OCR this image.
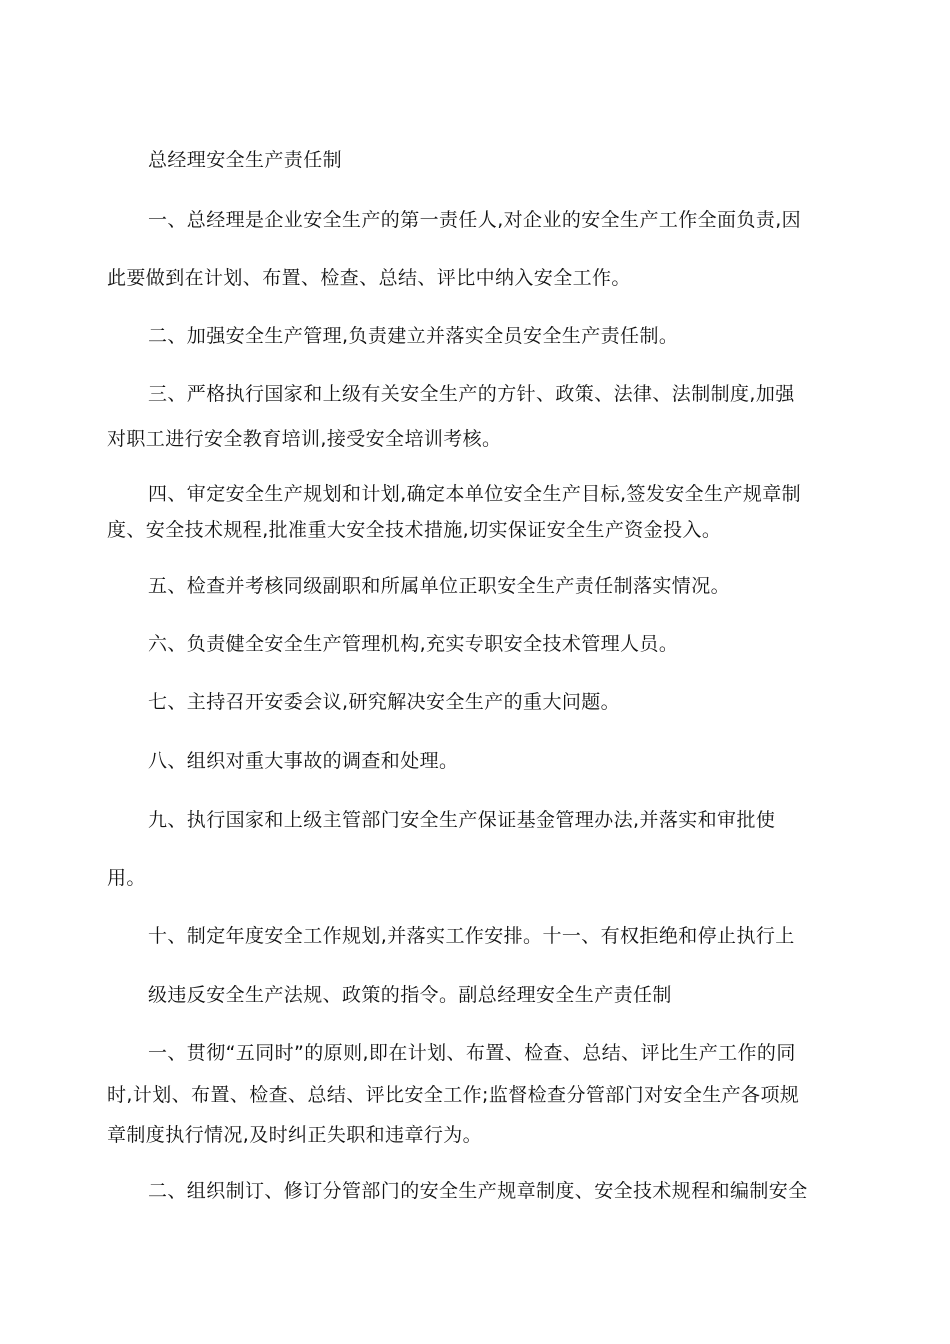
总经理安全生产责任制

一、总经理是企业安全生产的第一责任人,对企业的安全生产工作全面负责,因

此要做到在计划、布置、检查、总结、评比中纳入安全工作。

二、加强安全生产管理,负责建立并落实全员安全生产责任制。

三、严格执行国家和上级有关安全生产的方针、政策、法律、法制制度,加强

对职工进行安全教育培训,接受安全培训考核。

四、审定安全生产规划和计划,确定本单位安全生产目标,签发安全生产规章制

度、安全技术规程,批准重大安全技术措施,切实保证安全生产资金投入。

五、检查并考核同级副职和所属单位正职安全生产责任制落实情况。

六、负责健全安全生产管理机构,充实专职安全技术管理人员。

七、主持召开安委会议,研究解决安全生产的重大问题。

八、组织对重大事故的调查和处理。

九、执行国家和上级主管部门安全生产保证基金管理办法,并落实和审批使

用。

十、制定年度安全工作规划,并落实工作安排。十一、有权拒绝和停止执行上

级违反安全生产法规、政策的指令。副总经理安全生产责任制

一、贯彻“五同时”的原则,即在计划、布置、检查、总结、评比生产工作的同

时,计划、布置、检查、总结、评比安全工作;监督检查分管部门对安全生产各项规

章制度执行情况,及时纠正失职和违章行为。

二、组织制订、修订分管部门的安全生产规章制度、安全技术规程和编制安全
